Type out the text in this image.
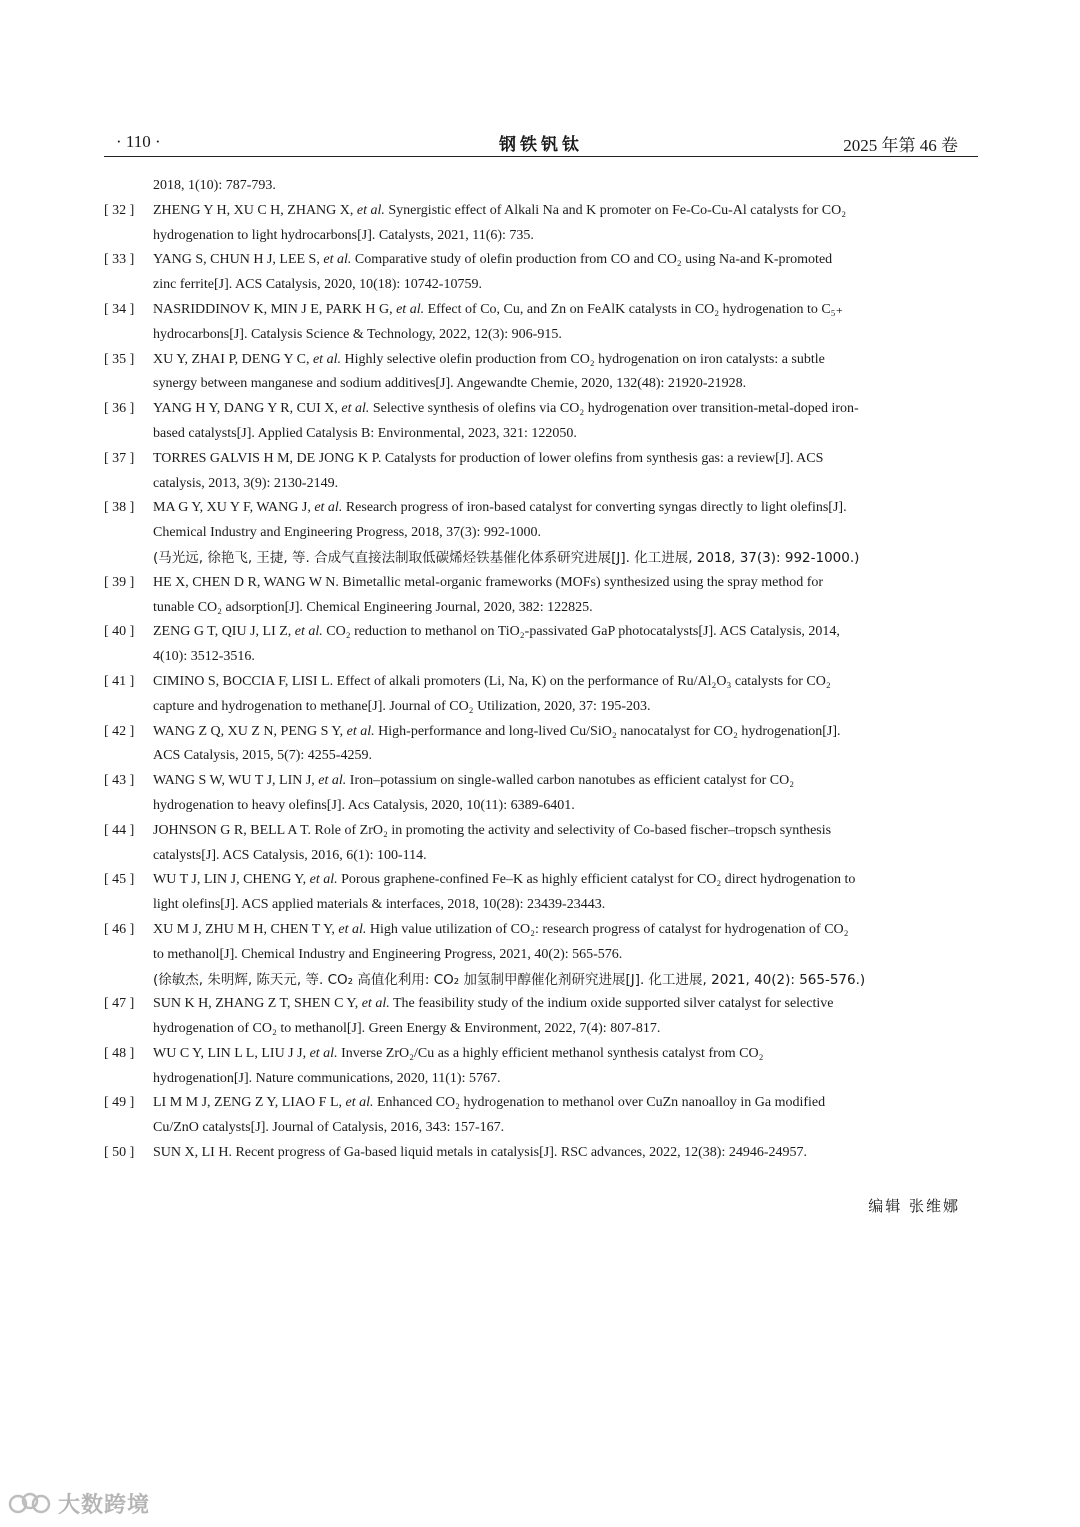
· 110 ·	钢铁钒钛	2025 年第 46 卷
2018, 1(10): 787-793.
[ 32 ]	ZHENG Y H, XU C H, ZHANG X, et al. Synergistic effect of Alkali Na and K promoter on Fe-Co-Cu-Al catalysts for CO₂
hydrogenation to light hydrocarbons[J]. Catalysts, 2021, 11(6): 735.
[ 33 ]	YANG S, CHUN H J, LEE S, et al. Comparative study of olefin production from CO and CO₂ using Na-and K-promoted
zinc ferrite[J]. ACS Catalysis, 2020, 10(18): 10742-10759.
[ 34 ]	NASRIDDINOV K, MIN J E, PARK H G, et al. Effect of Co, Cu, and Zn on FeAlK catalysts in CO₂ hydrogenation to C₅₊
hydrocarbons[J]. Catalysis Science & Technology, 2022, 12(3): 906-915.
[ 35 ]	XU Y, ZHAI P, DENG Y C, et al. Highly selective olefin production from CO₂ hydrogenation on iron catalysts: a subtle
synergy between manganese and sodium additives[J]. Angewandte Chemie, 2020, 132(48): 21920-21928.
[ 36 ]	YANG H Y, DANG Y R, CUI X, et al. Selective synthesis of olefins via CO₂ hydrogenation over transition-metal-doped iron-
based catalysts[J]. Applied Catalysis B: Environmental, 2023, 321: 122050.
[ 37 ]	TORRES GALVIS H M, DE JONG K P. Catalysts for production of lower olefins from synthesis gas: a review[J]. ACS
catalysis, 2013, 3(9): 2130-2149.
[ 38 ]	MA G Y, XU Y F, WANG J, et al. Research progress of iron-based catalyst for converting syngas directly to light olefins[J].
Chemical Industry and Engineering Progress, 2018, 37(3): 992-1000.
(马光远, 徐艳飞, 王捷, 等. 合成气直接法制取低碳烯烃铁基催化体系研究进展[J]. 化工进展, 2018, 37(3): 992-1000.)
[ 39 ]	HE X, CHEN D R, WANG W N. Bimetallic metal-organic frameworks (MOFs) synthesized using the spray method for
tunable CO₂ adsorption[J]. Chemical Engineering Journal, 2020, 382: 122825.
[ 40 ]	ZENG G T, QIU J, LI Z, et al. CO₂ reduction to methanol on TiO₂-passivated GaP photocatalysts[J]. ACS Catalysis, 2014,
4(10): 3512-3516.
[ 41 ]	CIMINO S, BOCCIA F, LISI L. Effect of alkali promoters (Li, Na, K) on the performance of Ru/Al₂O₃ catalysts for CO₂
capture and hydrogenation to methane[J]. Journal of CO₂ Utilization, 2020, 37: 195-203.
[ 42 ]	WANG Z Q, XU Z N, PENG S Y, et al. High-performance and long-lived Cu/SiO₂ nanocatalyst for CO₂ hydrogenation[J].
ACS Catalysis, 2015, 5(7): 4255-4259.
[ 43 ]	WANG S W, WU T J, LIN J, et al. Iron–potassium on single-walled carbon nanotubes as efficient catalyst for CO₂
hydrogenation to heavy olefins[J]. Acs Catalysis, 2020, 10(11): 6389-6401.
[ 44 ]	JOHNSON G R, BELL A T. Role of ZrO₂ in promoting the activity and selectivity of Co-based fischer–tropsch synthesis
catalysts[J]. ACS Catalysis, 2016, 6(1): 100-114.
[ 45 ]	WU T J, LIN J, CHENG Y, et al. Porous graphene-confined Fe–K as highly efficient catalyst for CO₂ direct hydrogenation to
light olefins[J]. ACS applied materials & interfaces, 2018, 10(28): 23439-23443.
[ 46 ]	XU M J, ZHU M H, CHEN T Y, et al. High value utilization of CO₂: research progress of catalyst for hydrogenation of CO₂
to methanol[J]. Chemical Industry and Engineering Progress, 2021, 40(2): 565-576.
(徐敏杰, 朱明辉, 陈天元, 等. CO₂ 高值化利用: CO₂ 加氢制甲醇催化剂研究进展[J]. 化工进展, 2021, 40(2): 565-576.)
[ 47 ]	SUN K H, ZHANG Z T, SHEN C Y, et al. The feasibility study of the indium oxide supported silver catalyst for selective
hydrogenation of CO₂ to methanol[J]. Green Energy & Environment, 2022, 7(4): 807-817.
[ 48 ]	WU C Y, LIN L L, LIU J J, et al. Inverse ZrO₂/Cu as a highly efficient methanol synthesis catalyst from CO₂
hydrogenation[J]. Nature communications, 2020, 11(1): 5767.
[ 49 ]	LI M M J, ZENG Z Y, LIAO F L, et al. Enhanced CO₂ hydrogenation to methanol over CuZn nanoalloy in Ga modified
Cu/ZnO catalysts[J]. Journal of Catalysis, 2016, 343: 157-167.
[ 50 ]	SUN X, LI H. Recent progress of Ga-based liquid metals in catalysis[J]. RSC advances, 2022, 12(38): 24946-24957.
编辑 张维娜
大数跨境
